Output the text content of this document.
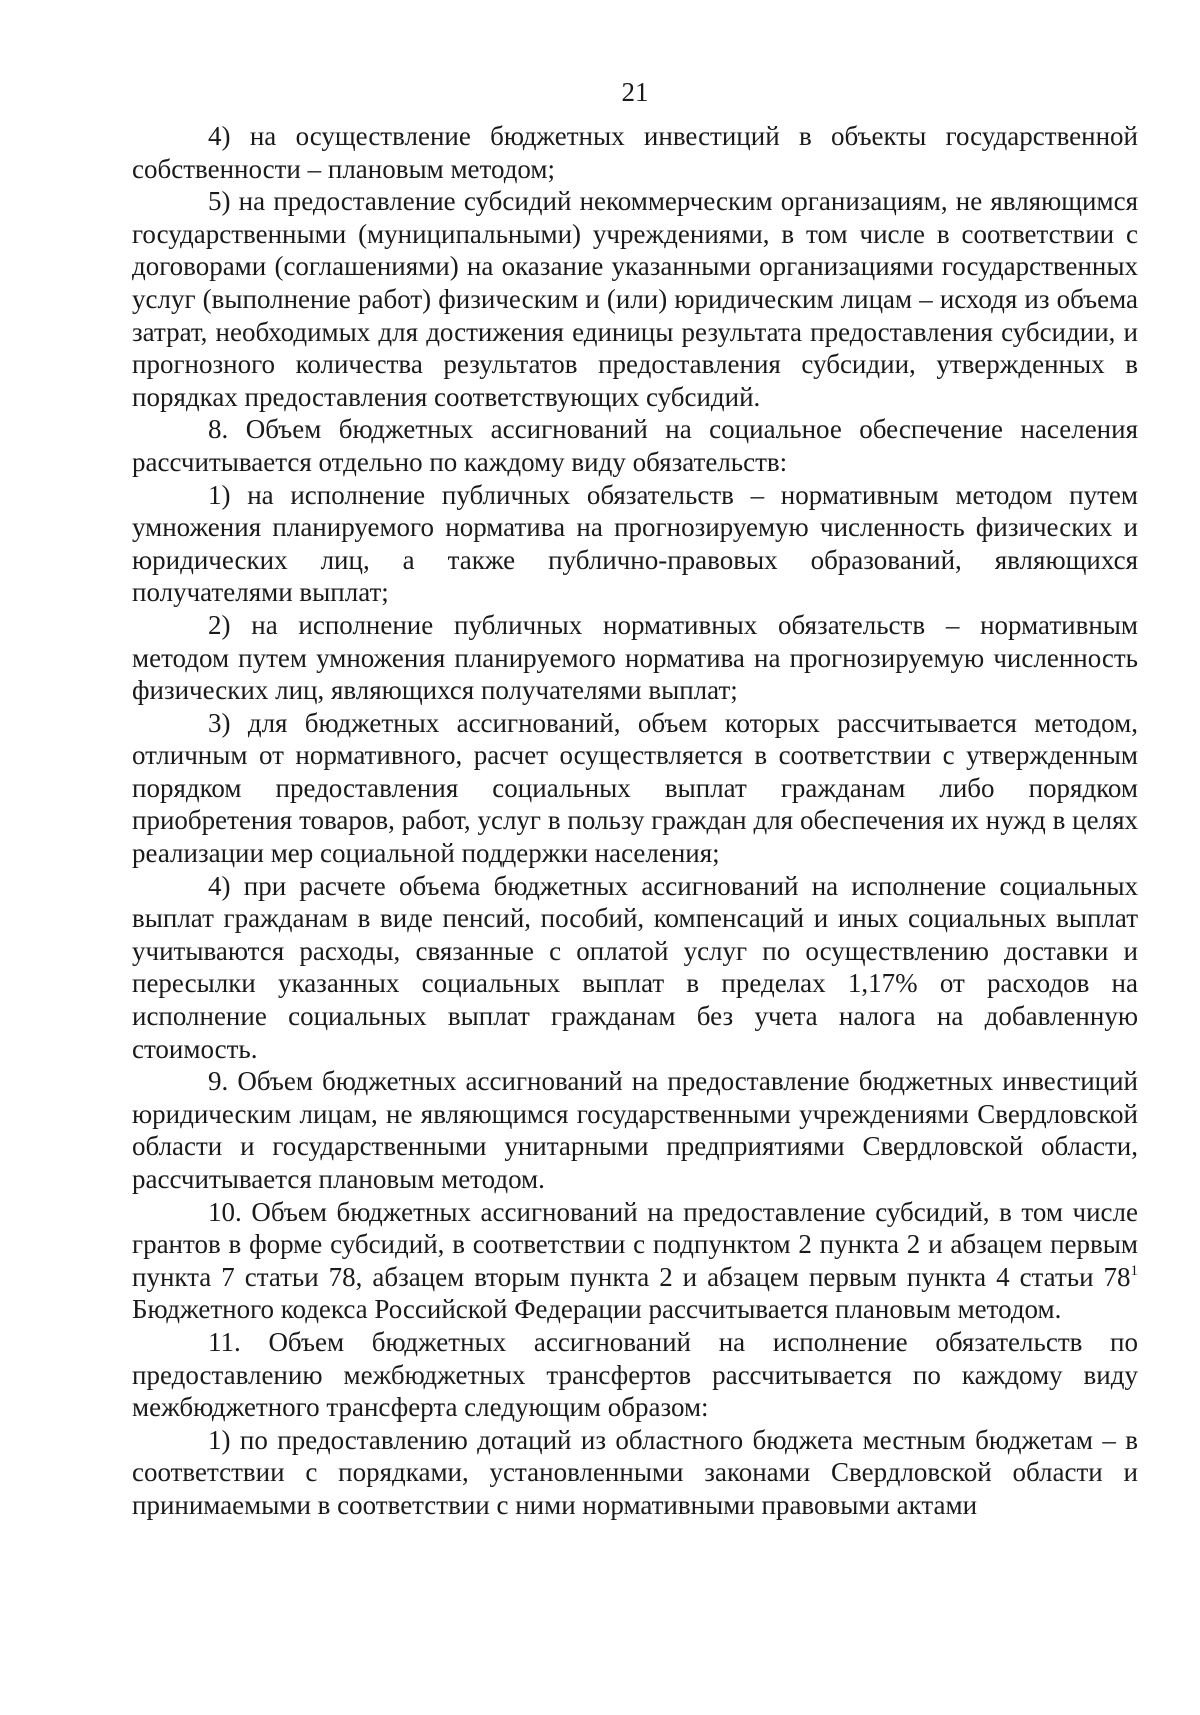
21

4) на осуществление бюджетных инвестиций в объекты государственной собственности – плановым методом;

5) на предоставление субсидий некоммерческим организациям, не являющимся государственными (муниципальными) учреждениями, в том числе в соответствии с договорами (соглашениями) на оказание указанными организациями государственных услуг (выполнение работ) физическим и (или) юридическим лицам – исходя из объема затрат, необходимых для достижения единицы результата предоставления субсидии, и прогнозного количества результатов предоставления субсидии, утвержденных в порядках предоставления соответствующих субсидий.

8. Объем бюджетных ассигнований на социальное обеспечение населения рассчитывается отдельно по каждому виду обязательств:

1) на исполнение публичных обязательств – нормативным методом путем умножения планируемого норматива на прогнозируемую численность физических и юридических лиц, а также публично-правовых образований, являющихся получателями выплат;

2) на исполнение публичных нормативных обязательств – нормативным методом путем умножения планируемого норматива на прогнозируемую численность физических лиц, являющихся получателями выплат;

3) для бюджетных ассигнований, объем которых рассчитывается методом, отличным от нормативного, расчет осуществляется в соответствии с утвержденным порядком предоставления социальных выплат гражданам либо порядком приобретения товаров, работ, услуг в пользу граждан для обеспечения их нужд в целях реализации мер социальной поддержки населения;

4) при расчете объема бюджетных ассигнований на исполнение социальных выплат гражданам в виде пенсий, пособий, компенсаций и иных социальных выплат учитываются расходы, связанные с оплатой услуг по осуществлению доставки и пересылки указанных социальных выплат в пределах 1,17% от расходов на исполнение социальных выплат гражданам без учета налога на добавленную стоимость.

9. Объем бюджетных ассигнований на предоставление бюджетных инвестиций юридическим лицам, не являющимся государственными учреждениями Свердловской области и государственными унитарными предприятиями Свердловской области, рассчитывается плановым методом.

10. Объем бюджетных ассигнований на предоставление субсидий, в том числе грантов в форме субсидий, в соответствии с подпунктом 2 пункта 2 и абзацем первым пункта 7 статьи 78, абзацем вторым пункта 2 и абзацем первым пункта 4 статьи $78^1$ Бюджетного кодекса Российской Федерации рассчитывается плановым методом.

11. Объем бюджетных ассигнований на исполнение обязательств по предоставлению межбюджетных трансфертов рассчитывается по каждому виду межбюджетного трансферта следующим образом:

1) по предоставлению дотаций из областного бюджета местным бюджетам – в соответствии с порядками, установленными законами Свердловской области и принимаемыми в соответствии с ними нормативными правовыми актами
